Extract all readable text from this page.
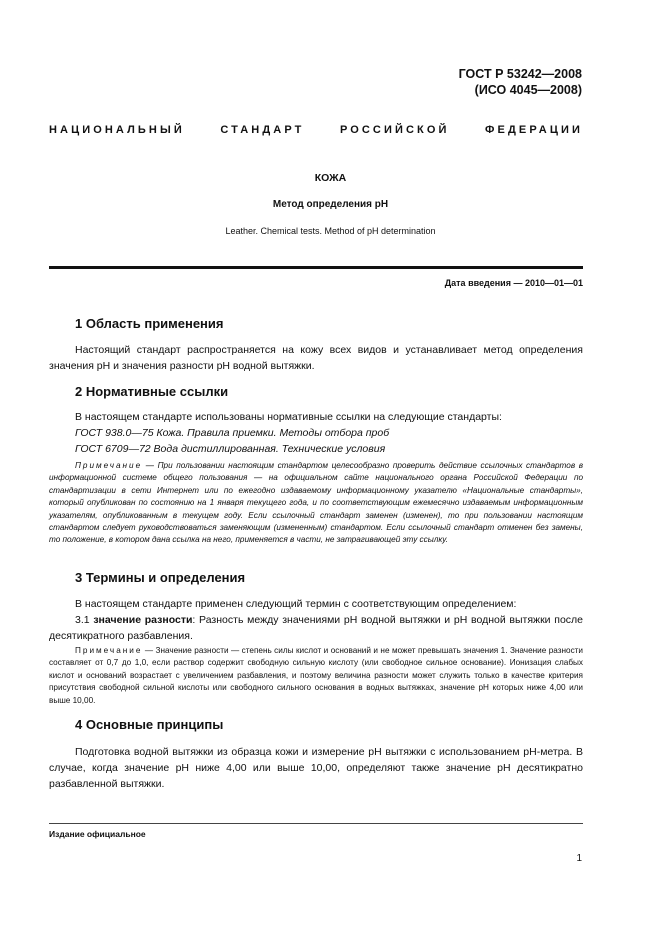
ГОСТ Р 53242—2008
(ИСО 4045—2008)
НАЦИОНАЛЬНЫЙ	СТАНДАРТ	РОССИЙСКОЙ	ФЕДЕРАЦИИ
КОЖА
Метод определения pH
Leather. Chemical tests. Method of pH determination
Дата введения — 2010—01—01
1 Область применения
Настоящий стандарт распространяется на кожу всех видов и устанавливает метод определения значения pH и значения разности pH водной вытяжки.
2 Нормативные ссылки
В настоящем стандарте использованы нормативные ссылки на следующие стандарты:
ГОСТ 938.0—75 Кожа. Правила приемки. Методы отбора проб
ГОСТ 6709—72 Вода дистиллированная. Технические условия
Примечание — При пользовании настоящим стандартом целесообразно проверить действие ссылочных стандартов в информационной системе общего пользования — на официальном сайте национального органа Российской Федерации по стандартизации в сети Интернет или по ежегодно издаваемому информационному указателю «Национальные стандарты», который опубликован по состоянию на 1 января текущего года, и по соответствующим ежемесячно издаваемым информационным указателям, опубликованным в текущем году. Если ссылочный стандарт заменен (изменен), то при пользовании настоящим стандартом следует руководствоваться заменяющим (измененным) стандартом. Если ссылочный стандарт отменен без замены, то положение, в котором дана ссылка на него, применяется в части, не затрагивающей эту ссылку.
3 Термины и определения
В настоящем стандарте применен следующий термин с соответствующим определением:
3.1 значение разности: Разность между значениями pH водной вытяжки и pH водной вытяжки после десятикратного разбавления.
Примечание — Значение разности — степень силы кислот и оснований и не может превышать значения 1. Значение разности составляет от 0,7 до 1,0, если раствор содержит свободную сильную кислоту (или свободное сильное основание). Ионизация слабых кислот и оснований возрастает с увеличением разбавления, и поэтому величина разности может служить только в качестве критерия присутствия свободной сильной кислоты или свободного сильного основания в водных вытяжках, значение pH которых ниже 4,00 или выше 10,00.
4 Основные принципы
Подготовка водной вытяжки из образца кожи и измерение pH вытяжки с использованием pH-метра. В случае, когда значение pH ниже 4,00 или выше 10,00, определяют также значение pH десятикратно разбавленной вытяжки.
Издание официальное
1
